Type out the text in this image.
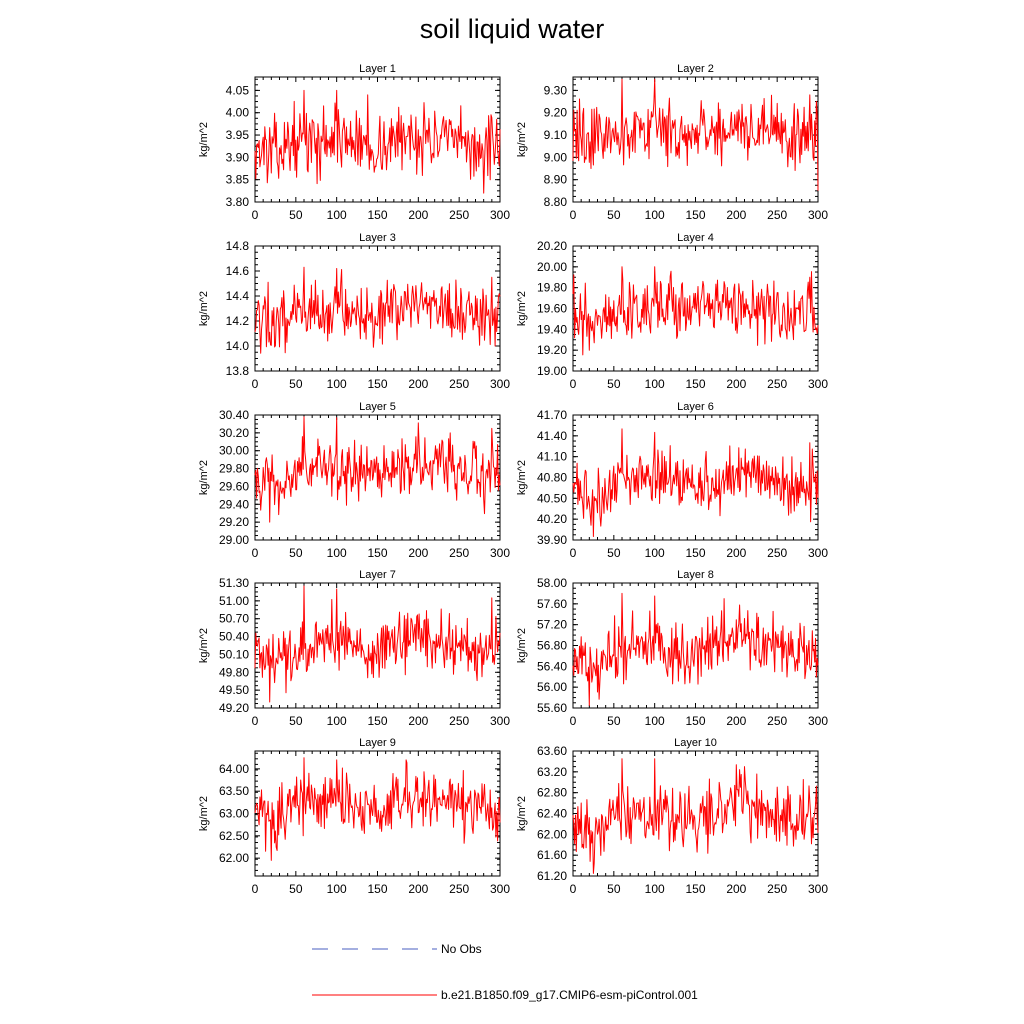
soil liquid water
Layer 1
kg/m^2
0	50 100 150 200 250 300
3.80
3.85
3.90
3.95
4.00
4.05
Layer 2
kg/m^2
0	50 100 150 200 250 300
8.80
8.90
9.00
9.10
9.20
9.30
Layer 3
kg/m^2
0	50 100 150 200 250 300
13.8
14.0
14.2
14.4
14.6
14.8
Layer 4
kg/m^2
0	50 100 150 200 250 300
19.00
19.20
19.40
19.60
19.80
20.00
20.20
Layer 5
kg/m^2
0	50 100 150 200 250 300
29.00
29.20
29.40
29.60
29.80
30.00
30.20
30.40
Layer 6
kg/m^2
0	50 100 150 200 250 300
39.90
40.20
40.50
40.80
41.10
41.40
41.70
Layer 7
kg/m^2
0	50 100 150 200 250 300
49.20
49.50
49.80
50.10
50.40
50.70
51.00
51.30
Layer 8
kg/m^2
0	50 100 150 200 250 300
55.60
56.00
56.40
56.80
57.20
57.60
58.00
Layer 9
kg/m^2
0	50 100 150 200 250 300
62.00
62.50
63.00
63.50
64.00
Layer 10
kg/m^2
0	50 100 150 200 250 300
61.20
61.60
62.00
62.40
62.80
63.20
63.60
No Obs
b.e21.B1850.f09_g17.CMIP6-esm-piControl.001
